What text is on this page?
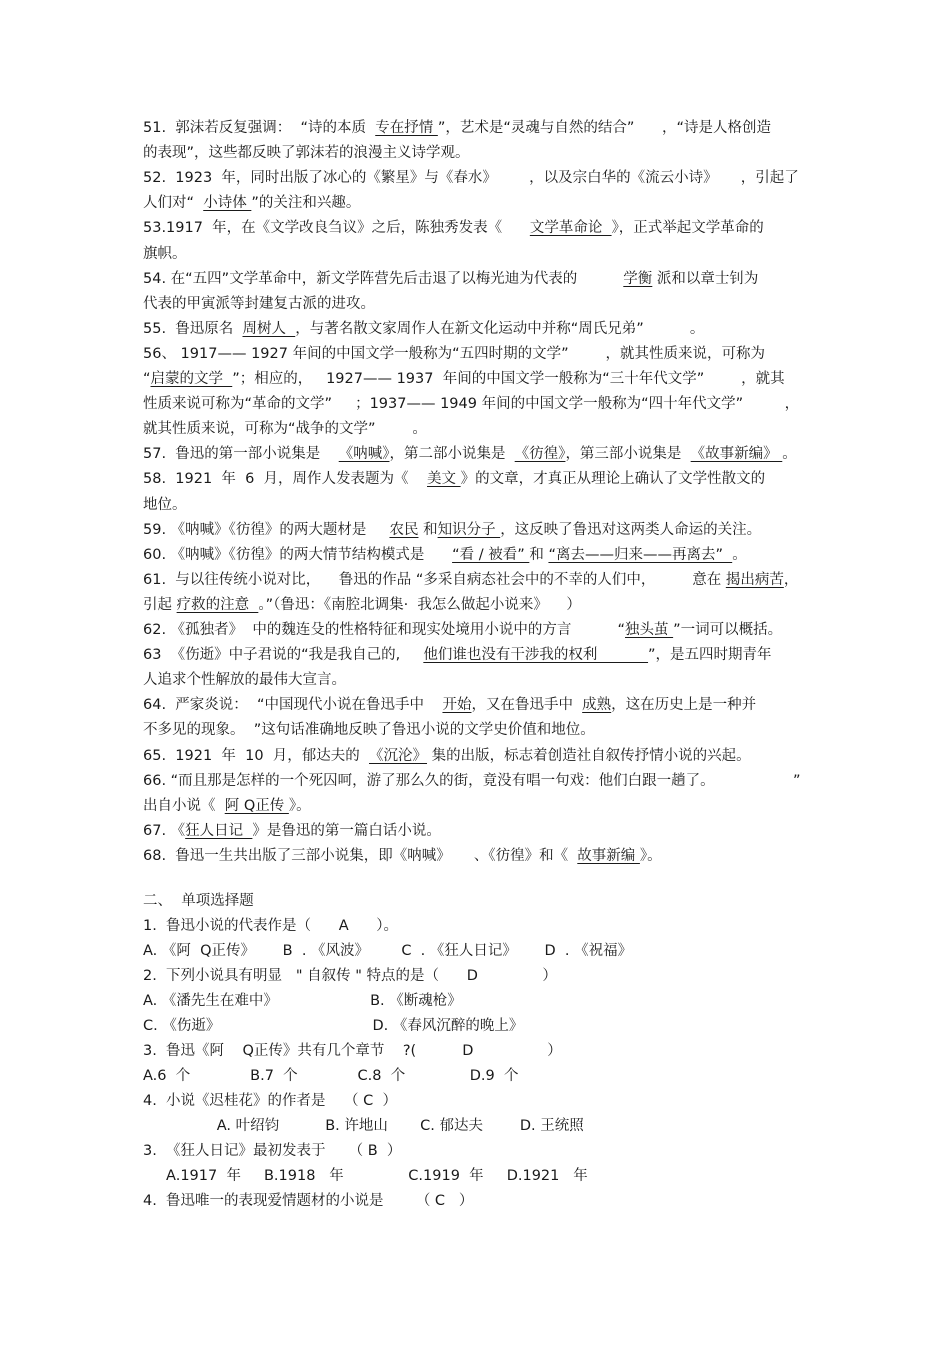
51.  郭沫若反复强调：  “诗的本质  专在抒情 ”，艺术是“灵魂与自然的结合”      ，“诗是人格创造
的表现”，这些都反映了郭沫若的浪漫主义诗学观。
52.  1923  年，同时出版了冰心的《繁星》与《春水》       ，以及宗白华的《流云小诗》     ，引起了
人们对“  小诗体 ”的关注和兴趣。
53.1917  年，在《文学改良刍议》之后，陈独秀发表《      文学革命论  》，正式举起文学革命的
旗帜。
54. 在“五四”文学革命中，新文学阵营先后击退了以梅光迪为代表的          学衡 派和以章士钊为
代表的甲寅派等封建复古派的进攻。
55.  鲁迅原名  周树人  ，与著名散文家周作人在新文化运动中并称“周氏兄弟”          。
56、 1917—— 1927 年间的中国文学一般称为“五四时期的文学”        ，就其性质来说，可称为
“启蒙的文学  ”；相应的，   1927—— 1937  年间的中国文学一般称为“三十年代文学”        ，就其
性质来说可称为“革命的文学”     ；1937—— 1949 年间的中国文学一般称为“四十年代文学”         ，
就其性质来说，可称为“战争的文学”        。
57.  鲁迅的第一部小说集是    《呐喊》，第二部小说集是  《彷徨》，第三部小说集是  《故事新编》 。
58.  1921  年  6  月，周作人发表题为《    美文 》的文章，才真正从理论上确认了文学性散文的
地位。
59. 《呐喊》《彷徨》的两大题材是     农民 和知识分子 ，这反映了鲁迅对这两类人命运的关注。
60. 《呐喊》《彷徨》的两大情节结构模式是      “看 / 被看” 和 “离去——归来——再离去”  。
61.  与以往传统小说对比，    鲁迅的作品 “多采自病态社会中的不幸的人们中，        意在 揭出病苦，
引起 疗救的注意  。”（鲁迅：《南腔北调集·  我怎么做起小说来》    ）
62. 《孤独者》  中的魏连殳的性格特征和现实处境用小说中的方言          “独头茧 ”一词可以概括。
63  《伤逝》中子君说的“我是我自己的,     他们谁也没有干涉我的权利           ”，是五四时期青年
人追求个性解放的最伟大宣言。
64.  严家炎说：  “中国现代小说在鲁迅手中    开始，又在鲁迅手中  成熟，这在历史上是一种并
不多见的现象。  ”这句话准确地反映了鲁迅小说的文学史价值和地位。
65.  1921  年  10  月，郁达夫的  《沉沦》 集的出版，标志着创造社自叙传抒情小说的兴起。
66. “而且那是怎样的一个死囚呵，游了那么久的街，竟没有唱一句戏：他们白跟一趟了。                 ”
出自小说《  阿 Q正传 》。
67. 《狂人日记  》是鲁迅的第一篇白话小说。
68.  鲁迅一生共出版了三部小说集，即《呐喊》     、《彷徨》和《  故事新编 》。
二、  单项选择题
1.  鲁迅小说的代表作是（      A      ）。
A. 《阿  Q正传》      B  . 《风波》       C  . 《狂人日记》      D  . 《祝福》
2.  下列小说具有明显   " 自叙传 " 特点的是（      D              ）
A. 《潘先生在难中》                    B. 《断魂枪》
C. 《伤逝》                                 D. 《春风沉醉的晚上》
3.  鲁迅《阿    Q正传》共有几个章节    ?(          D                ）
A.6  个             B.7  个             C.8  个              D.9  个
4.  小说《迟桂花》的作者是    （ C  ）
A. 叶绍钧          B. 许地山       C. 郁达夫        D. 王统照
3.  《狂人日记》最初发表于     （ B  ）
A.1917  年     B.1918   年              C.1919  年     D.1921   年
4.  鲁迅唯一的表现爱情题材的小说是       （ C   ）
